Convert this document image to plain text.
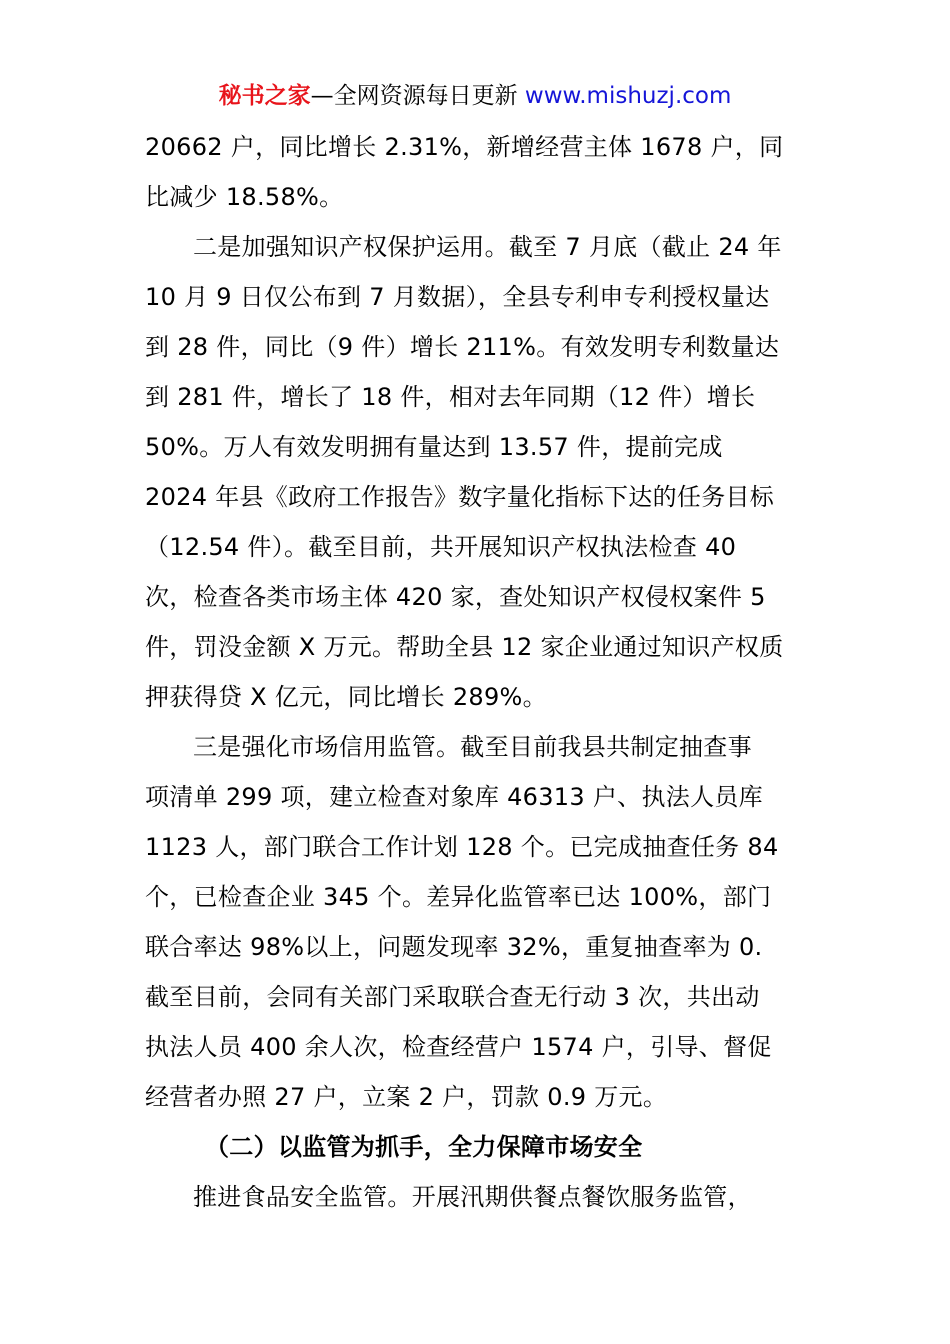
秘书之家—全网资源每日更新 www.mishuzj.com
20662 户，同比增长 2.31%，新增经营主体 1678 户，同
比减少 18.58%。
二是加强知识产权保护运用。截至 7 月底（截止 24 年
10 月 9 日仅公布到 7 月数据），全县专利申专利授权量达
到 28 件，同比（9 件）增长 211%。有效发明专利数量达
到 281 件，增长了 18 件，相对去年同期（12 件）增长
50%。万人有效发明拥有量达到 13.57 件，提前完成
2024 年县《政府工作报告》数字量化指标下达的任务目标
（12.54 件）。截至目前，共开展知识产权执法检查 40
次，检查各类市场主体 420 家，查处知识产权侵权案件 5
件，罚没金额 X 万元。帮助全县 12 家企业通过知识产权质
押获得贷 X 亿元，同比增长 289%。
三是强化市场信用监管。截至目前我县共制定抽查事
项清单 299 项，建立检查对象库 46313 户、执法人员库
1123 人，部门联合工作计划 128 个。已完成抽查任务 84
个，已检查企业 345 个。差异化监管率已达 100%，部门
联合率达 98%以上，问题发现率 32%，重复抽查率为 0.
截至目前，会同有关部门采取联合查无行动 3 次，共出动
执法人员 400 余人次，检查经营户 1574 户，引导、督促
经营者办照 27 户，立案 2 户，罚款 0.9 万元。
（二）以监管为抓手，全力保障市场安全
推进食品安全监管。开展汛期供餐点餐饮服务监管，
